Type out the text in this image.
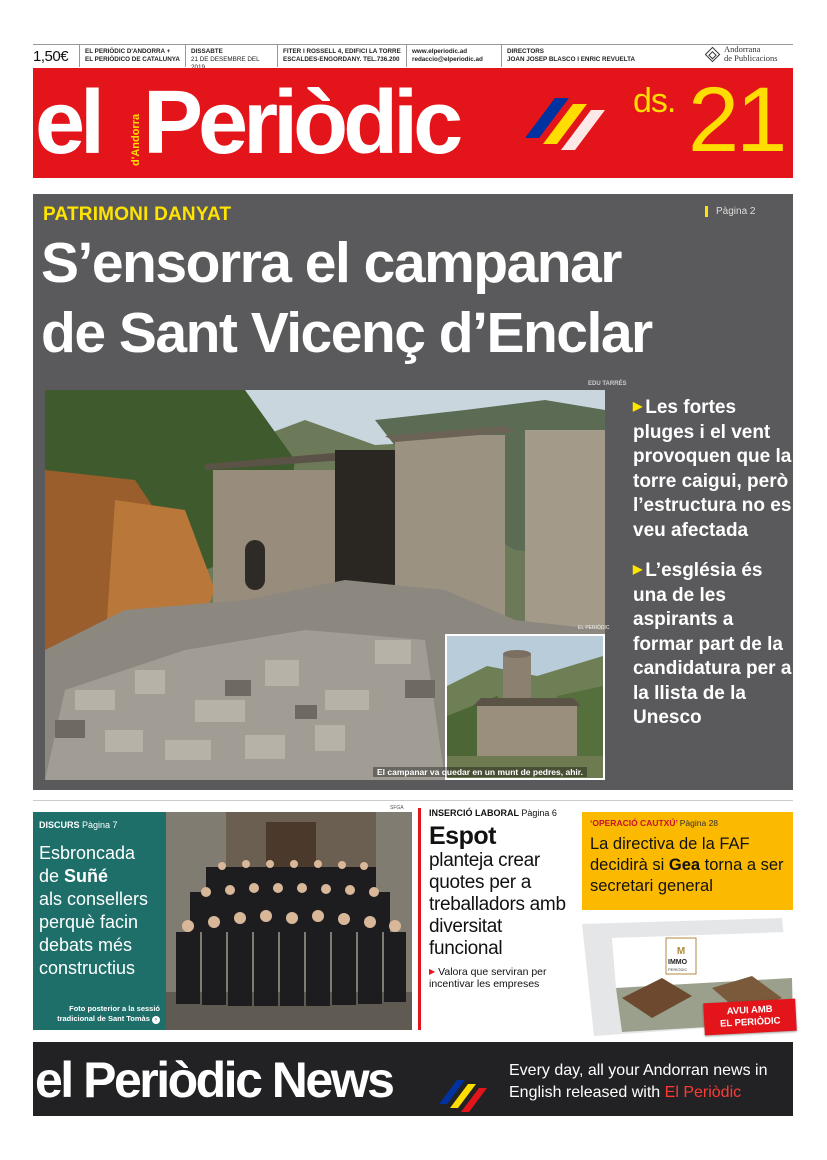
1,50€	EL PERIÒDIC D'ANDORRA +
EL PERIÒDICO DE CATALUNYA
DISSABTE
21 DE DESEMBRE DEL
FITER I ROSSELL 4, EDIFICI LA TORRE
ESCALDES-ENGORDANY. TEL.736.200
www.elperiodic.ad
redaccio@elperiodic.ad
DIRECTORS
JOAN JOSEP BLASCO I ENRIC REVUELTA
Andorrana
de Publicacions
el	d'Andorra Periòdic	ds. 21
PATRIMONI DANYAT	Pàgina 2
S’ensorra el campanar
de Sant Vicenç d’Enclar
EDU TARRÉS
EL PERIÒDIC
El campanar va quedar en un munt de pedres, ahir.
▶ Les fortes pluges i el vent provoquen que la torre caigui, però l’estructura no es veu afectada
▶ L’església és una de les aspirants a formar part de la candidatura per a la llista de la Unesco
DISCURS Pàgina 7
Esbroncada
de Suñé
als consellers
perquè facin
debats més
constructius
Foto posterior a la sessió
tradicional de Sant Tomàs ›
SFGA	INSERCIÓ LABORAL Pàgina 6
Espot
planteja crear quotes per a treballadors amb diversitat funcional
▶ Valora que serviran per incentivar les empreses
‘OPERACIÓ CAUTXÚ’ Pàgina 28
La directiva de la FAF decidirà si Gea torna a ser secretari general
M
IMMO
PERIÒDIC
AVUI AMB
EL PERIÒDIC
el Periòdic News	Every day, all your Andorran news in
English released with El Periòdic
